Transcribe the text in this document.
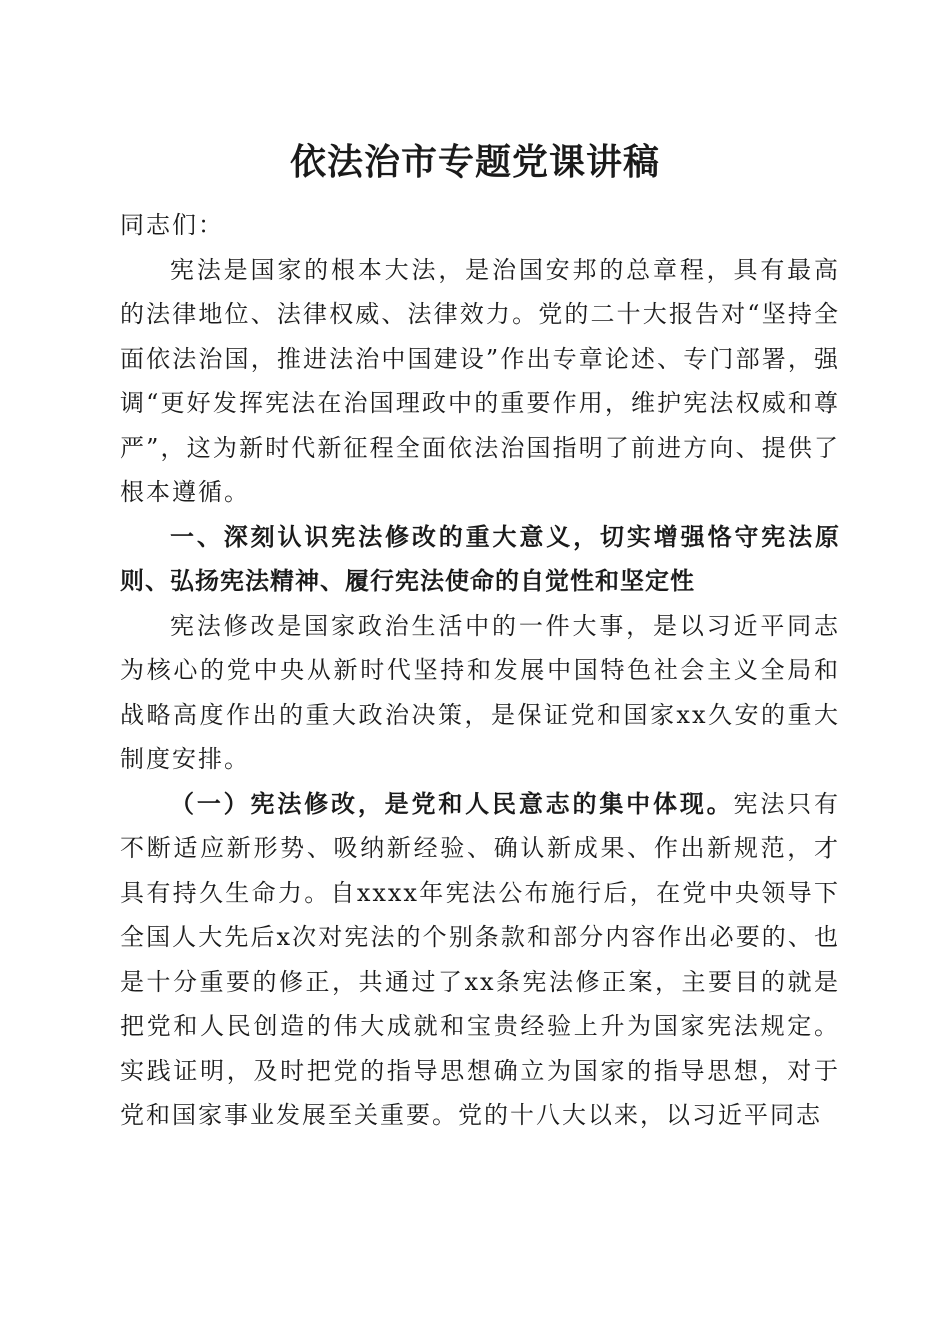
依法治市专题党课讲稿

同志们：

宪法是国家的根本大法，是治国安邦的总章程，具有最高的法律地位、法律权威、法律效力。党的二十大报告对“坚持全面依法治国，推进法治中国建设”作出专章论述、专门部署，强调“更好发挥宪法在治国理政中的重要作用，维护宪法权威和尊严”，这为新时代新征程全面依法治国指明了前进方向、提供了根本遵循。

一、深刻认识宪法修改的重大意义，切实增强恪守宪法原则、弘扬宪法精神、履行宪法使命的自觉性和坚定性

宪法修改是国家政治生活中的一件大事，是以习近平同志为核心的党中央从新时代坚持和发展中国特色社会主义全局和战略高度作出的重大政治决策，是保证党和国家xx久安的重大制度安排。

（一）宪法修改，是党和人民意志的集中体现。宪法只有不断适应新形势、吸纳新经验、确认新成果、作出新规范，才具有持久生命力。自xxxx年宪法公布施行后，在党中央领导下全国人大先后x次对宪法的个别条款和部分内容作出必要的、也是十分重要的修正，共通过了xx条宪法修正案，主要目的就是把党和人民创造的伟大成就和宝贵经验上升为国家宪法规定。实践证明，及时把党的指导思想确立为国家的指导思想，对于党和国家事业发展至关重要。党的十八大以来，以习近平同志
